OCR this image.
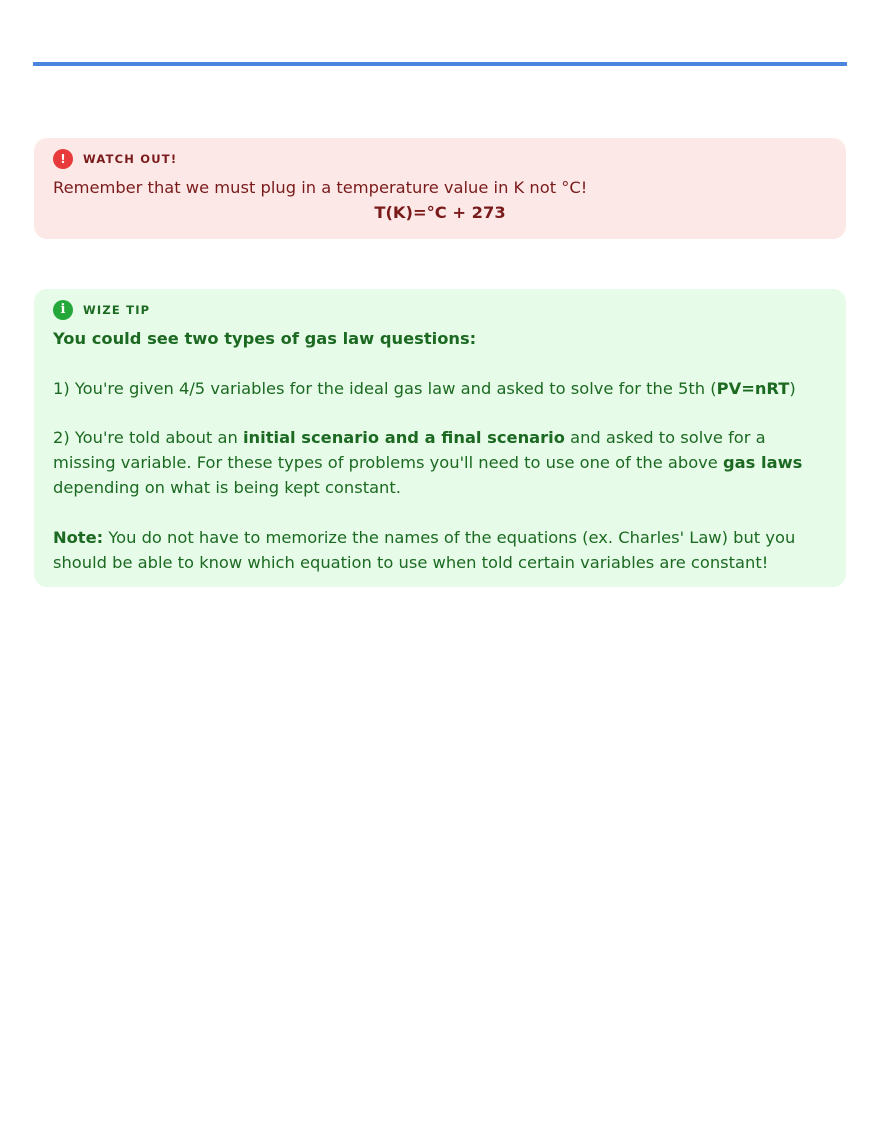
!	WATCH OUT!

Remember that we must plug in a temperature value in K not °C!

T(K)=°C + 273

i	WIZE TIP

You could see two types of gas law questions:

1) You're given 4/5 variables for the ideal gas law and asked to solve for the 5th (PV=nRT)

2) You're told about an initial scenario and a final scenario and asked to solve for a missing variable. For these types of problems you'll need to use one of the above gas laws depending on what is being kept constant.

Note: You do not have to memorize the names of the equations (ex. Charles' Law) but you should be able to know which equation to use when told certain variables are constant!
